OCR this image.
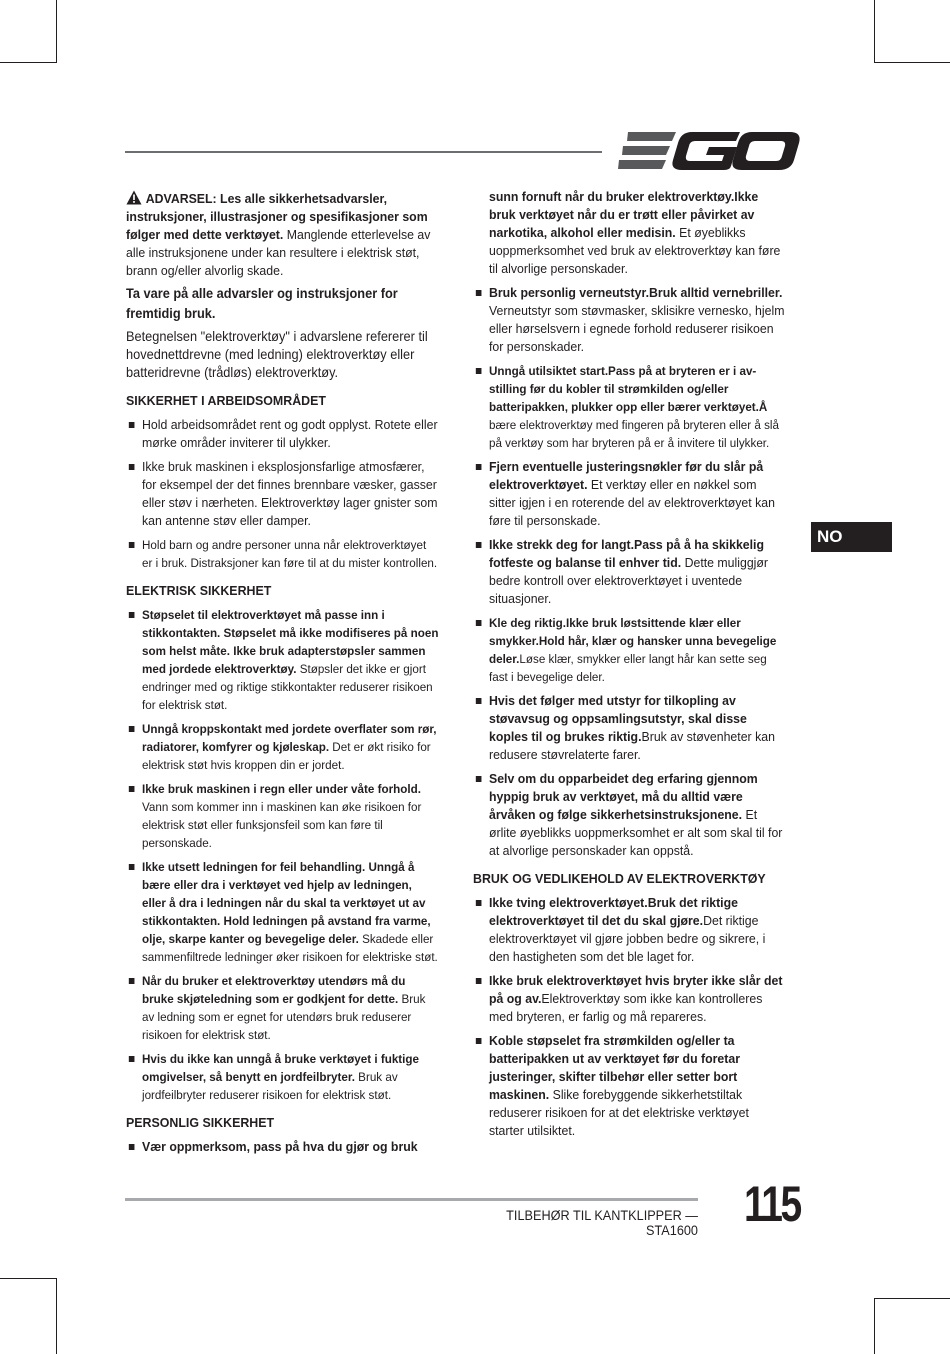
NO

ADVARSEL: Les alle sikkerhetsadvarsler, instruksjoner, illustrasjoner og spesifikasjoner som følger med dette verktøyet. Manglende etterlevelse av alle instruksjonene under kan resultere i elektrisk støt, brann og/eller alvorlig skade.

Ta vare på alle advarsler og instruksjoner for fremtidig bruk.

Betegnelsen "elektroverktøy" i advarslene refererer til hovednettdrevne (med ledning) elektroverktøy eller batteridrevne (trådløs) elektroverktøy.

SIKKERHET I ARBEIDSOMRÅDET
Hold arbeidsområdet rent og godt opplyst. Rotete eller mørke områder inviterer til ulykker.
Ikke bruk maskinen i eksplosjonsfarlige atmosfærer, for eksempel der det finnes brennbare væsker, gasser eller støv i nærheten. Elektroverktøy lager gnister som kan antenne støv eller damper.
Hold barn og andre personer unna når elektroverktøyet er i bruk. Distraksjoner kan føre til at du mister kontrollen.
ELEKTRISK SIKKERHET
Støpselet til elektroverktøyet må passe inn i stikkontakten. Støpselet må ikke modifiseres på noen som helst måte. Ikke bruk adapterstøpsler sammen med jordede elektroverktøy. Støpsler det ikke er gjort endringer med og riktige stikkontakter reduserer risikoen for elektrisk støt.
Unngå kroppskontakt med jordete overflater som rør, radiatorer, komfyrer og kjøleskap. Det er økt risiko for elektrisk støt hvis kroppen din er jordet.
Ikke bruk maskinen i regn eller under våte forhold. Vann som kommer inn i maskinen kan øke risikoen for elektrisk støt eller funksjonsfeil som kan føre til personskade.
Ikke utsett ledningen for feil behandling. Unngå å bære eller dra i verktøyet ved hjelp av ledningen, eller å dra i ledningen når du skal ta verktøyet ut av stikkontakten. Hold ledningen på avstand fra varme, olje, skarpe kanter og bevegelige deler. Skadede eller sammenfiltrede ledninger øker risikoen for elektriske støt.
Når du bruker et elektroverktøy utendørs må du bruke skjøteledning som er godkjent for dette. Bruk av ledning som er egnet for utendørs bruk reduserer risikoen for elektrisk støt.
Hvis du ikke kan unngå å bruke verktøyet i fuktige omgivelser, så benytt en jordfeilbryter. Bruk av jordfeilbryter reduserer risikoen for elektrisk støt.
PERSONLIG SIKKERHET
Vær oppmerksom, pass på hva du gjør og bruk

sunn fornuft når du bruker elektroverktøy.Ikke bruk verktøyet når du er trøtt eller påvirket av narkotika, alkohol eller medisin. Et øyeblikks uoppmerksomhet ved bruk av elektroverktøy kan føre til alvorlige personskader.

Bruk personlig verneutstyr.Bruk alltid vernebriller. Verneutstyr som støvmasker, sklisikre vernesko, hjelm eller hørselsvern i egnede forhold reduserer risikoen for personskader.
Unngå utilsiktet start.Pass på at bryteren er i av-stilling før du kobler til strømkilden og/eller batteripakken, plukker opp eller bærer verktøyet.Å bære elektroverktøy med fingeren på bryteren eller å slå på verktøy som har bryteren på er å invitere til ulykker.
Fjern eventuelle justeringsnøkler før du slår på elektroverktøyet. Et verktøy eller en nøkkel som sitter igjen i en roterende del av elektroverktøyet kan føre til personskade.
Ikke strekk deg for langt.Pass på å ha skikkelig fotfeste og balanse til enhver tid. Dette muliggjør bedre kontroll over elektroverktøyet i uventede situasjoner.
Kle deg riktig.Ikke bruk løstsittende klær eller smykker.Hold hår, klær og hansker unna bevegelige deler.Løse klær, smykker eller langt hår kan sette seg fast i bevegelige deler.
Hvis det følger med utstyr for tilkopling av støvavsug og oppsamlingsutstyr, skal disse koples til og brukes riktig.Bruk av støvenheter kan redusere støvrelaterte farer.
Selv om du opparbeidet deg erfaring gjennom hyppig bruk av verktøyet, må du alltid være årvåken og følge sikkerhetsinstruksjonene. Et ørlite øyeblikks uoppmerksomhet er alt som skal til for at alvorlige personskader kan oppstå.
BRUK OG VEDLIKEHOLD AV ELEKTROVERKTØY
Ikke tving elektroverktøyet.Bruk det riktige elektroverktøyet til det du skal gjøre.Det riktige elektroverktøyet vil gjøre jobben bedre og sikrere, i den hastigheten som det ble laget for.
Ikke bruk elektroverktøyet hvis bryter ikke slår det på og av.Elektroverktøy som ikke kan kontrolleres med bryteren, er farlig og må repareres.
Koble støpselet fra strømkilden og/eller ta batteripakken ut av verktøyet før du foretar justeringer, skifter tilbehør eller setter bort maskinen. Slike forebyggende sikkerhetstiltak reduserer risikoen for at det elektriske verktøyet starter utilsiktet.
TILBEHØR TIL KANTKLIPPER — STA1600 115
